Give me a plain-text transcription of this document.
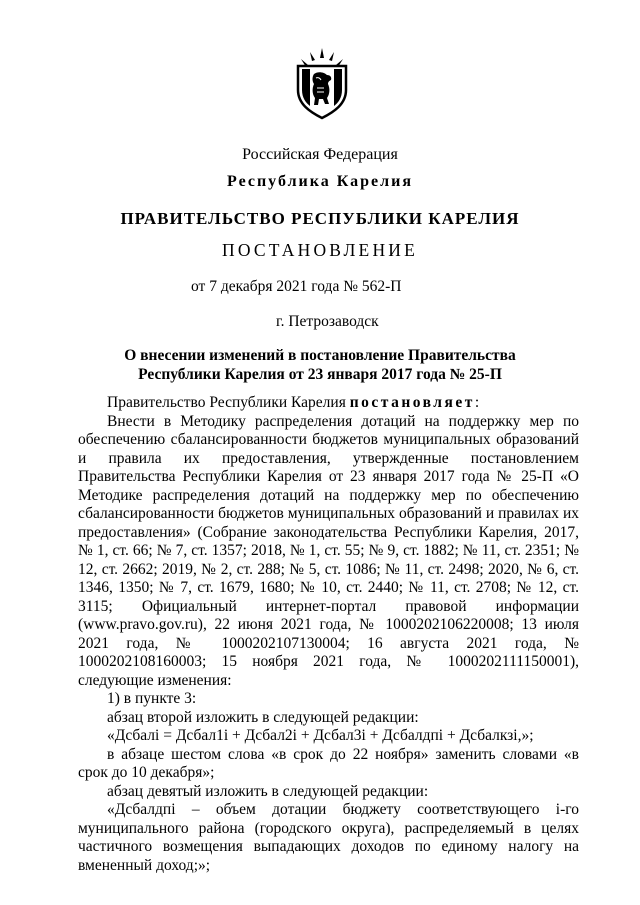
Российская Федерация
Республика Карелия
ПРАВИТЕЛЬСТВО РЕСПУБЛИКИ КАРЕЛИЯ
ПОСТАНОВЛЕНИЕ
от 7 декабря 2021 года № 562-П
г. Петрозаводск
О внесении изменений в постановление Правительства
Республики Карелия от 23 января 2017 года № 25-П

Правительство Республики Карелия постановляет:

Внести в Методику распределения дотаций на поддержку мер по обеспечению сбалансированности бюджетов муниципальных образований и правила их предоставления, утвержденные постановлением Правительства Республики Карелия от 23 января 2017 года № 25-П «О Методике распределения дотаций на поддержку мер по обеспечению сбалансированности бюджетов муниципальных образований и правилах их предоставления» (Собрание законодательства Республики Карелия, 2017, № 1, ст. 66; № 7, ст. 1357; 2018, № 1, ст. 55; № 9, ст. 1882; № 11, ст. 2351; № 12, ст. 2662; 2019, № 2, ст. 288; № 5, ст. 1086; № 11, ст. 2498; 2020, № 6, ст. 1346, 1350; № 7, ст. 1679, 1680; № 10, ст. 2440; № 11, ст. 2708; № 12, ст. 3115; Официальный интернет-портал правовой информации (www.pravo.gov.ru), 22 июня 2021 года, № 1000202106220008; 13 июля 2021 года, № 1000202107130004; 16 августа 2021 года, № 1000202108160003; 15 ноября 2021 года, № 1000202111150001), следующие изменения:

1) в пункте 3:

абзац второй изложить в следующей редакции:

«Дсбалі = Дсбал1і + Дсбал2і + Дсбал3і + Дсбалдпі + Дсбалкзі,»;

в абзаце шестом слова «в срок до 22 ноября» заменить словами «в срок до 10 декабря»;

абзац девятый изложить в следующей редакции:

«Дсбалдпі – объем дотации бюджету соответствующего і-го муниципального района (городского округа), распределяемый в целях частичного возмещения выпадающих доходов по единому налогу на вмененный доход;»;
